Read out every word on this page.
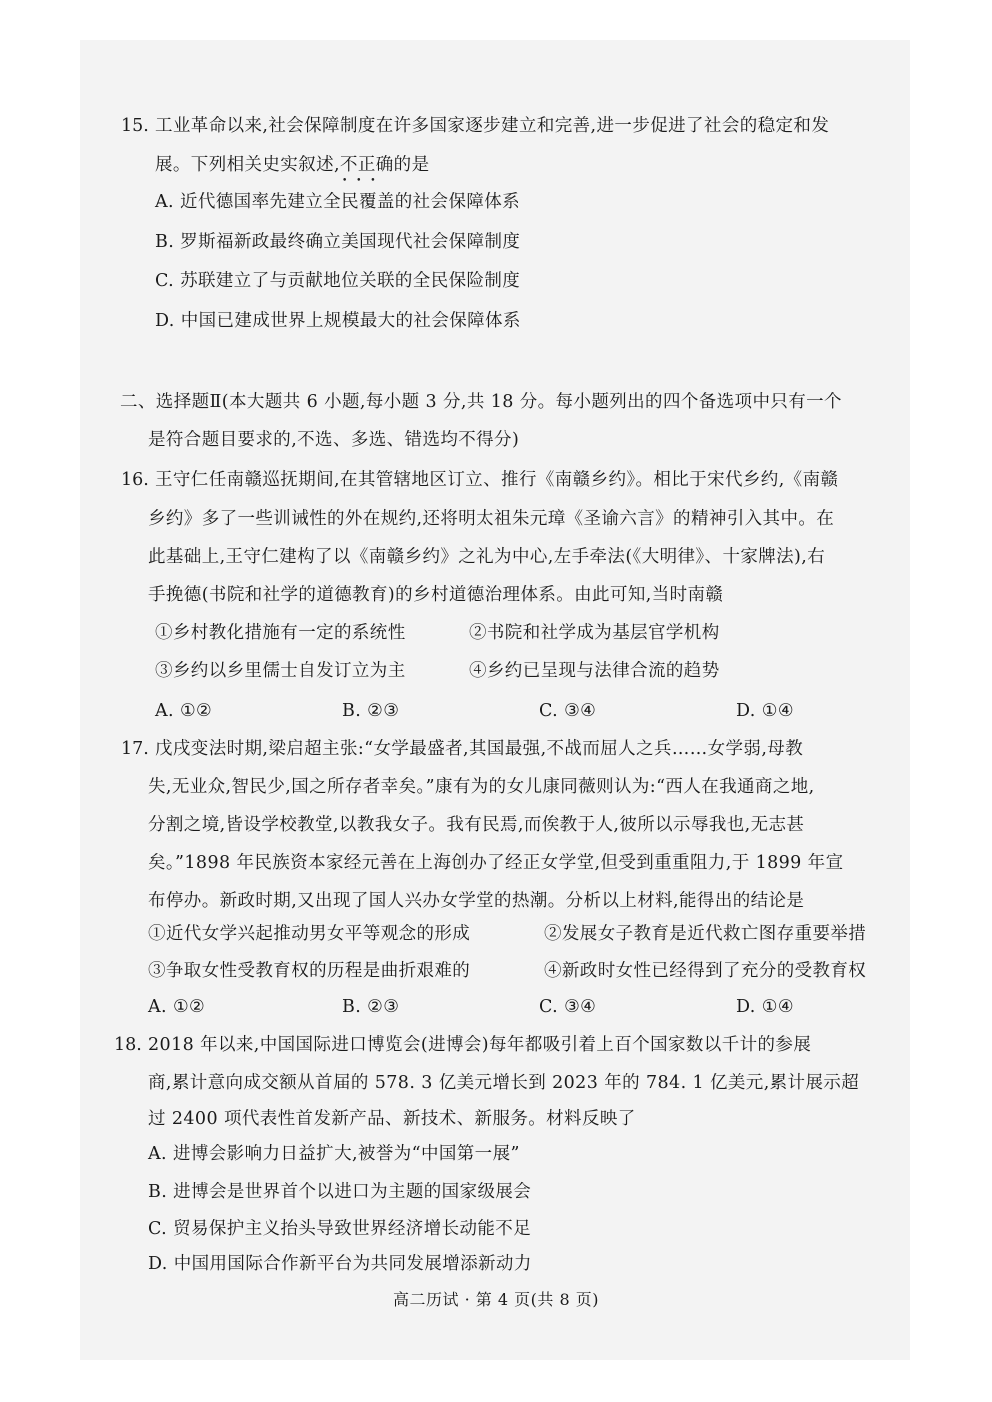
15. 工业革命以来,社会保障制度在许多国家逐步建立和完善,进一步促进了社会的稳定和发
展。下列相关史实叙述,不正确 • • •的是
A. 近代德国率先建立全民覆盖的社会保障体系
B. 罗斯福新政最终确立美国现代社会保障制度
C. 苏联建立了与贡献地位关联的全民保险制度
D. 中国已建成世界上规模最大的社会保障体系
二、选择题Ⅱ(本大题共 6 小题,每小题 3 分,共 18 分。每小题列出的四个备选项中只有一个
是符合题目要求的,不选、多选、错选均不得分)
16. 王守仁任南赣巡抚期间,在其管辖地区订立、推行《南赣乡约》。相比于宋代乡约,《南赣
乡约》多了一些训诫性的外在规约,还将明太祖朱元璋《圣谕六言》的精神引入其中。在
此基础上,王守仁建构了以《南赣乡约》之礼为中心,左手牵法(《大明律》、十家牌法),右
手挽德(书院和社学的道德教育)的乡村道德治理体系。由此可知,当时南赣
①乡村教化措施有一定的系统性	②书院和社学成为基层官学机构
③乡约以乡里儒士自发订立为主	④乡约已呈现与法律合流的趋势
A. ①②	B. ②③	C. ③④	D. ①④
17. 戊戌变法时期,梁启超主张:“女学最盛者,其国最强,不战而屈人之兵……女学弱,母教
失,无业众,智民少,国之所存者幸矣。”康有为的女儿康同薇则认为:“西人在我通商之地,
分割之境,皆设学校教堂,以教我女子。我有民焉,而俟教于人,彼所以示辱我也,无志甚
矣。”1898 年民族资本家经元善在上海创办了经正女学堂,但受到重重阻力,于 1899 年宣
布停办。新政时期,又出现了国人兴办女学堂的热潮。分析以上材料,能得出的结论是
①近代女学兴起推动男女平等观念的形成	②发展女子教育是近代救亡图存重要举措
③争取女性受教育权的历程是曲折艰难的	④新政时女性已经得到了充分的受教育权
A. ①②	B. ②③	C. ③④	D. ①④
18. 2018 年以来,中国国际进口博览会(进博会)每年都吸引着上百个国家数以千计的参展
商,累计意向成交额从首届的 578. 3 亿美元增长到 2023 年的 784. 1 亿美元,累计展示超
过 2400 项代表性首发新产品、新技术、新服务。材料反映了
A. 进博会影响力日益扩大,被誉为“中国第一展”
B. 进博会是世界首个以进口为主题的国家级展会
C. 贸易保护主义抬头导致世界经济增长动能不足
D. 中国用国际合作新平台为共同发展增添新动力
高二历试 · 第 4 页(共 8 页)
